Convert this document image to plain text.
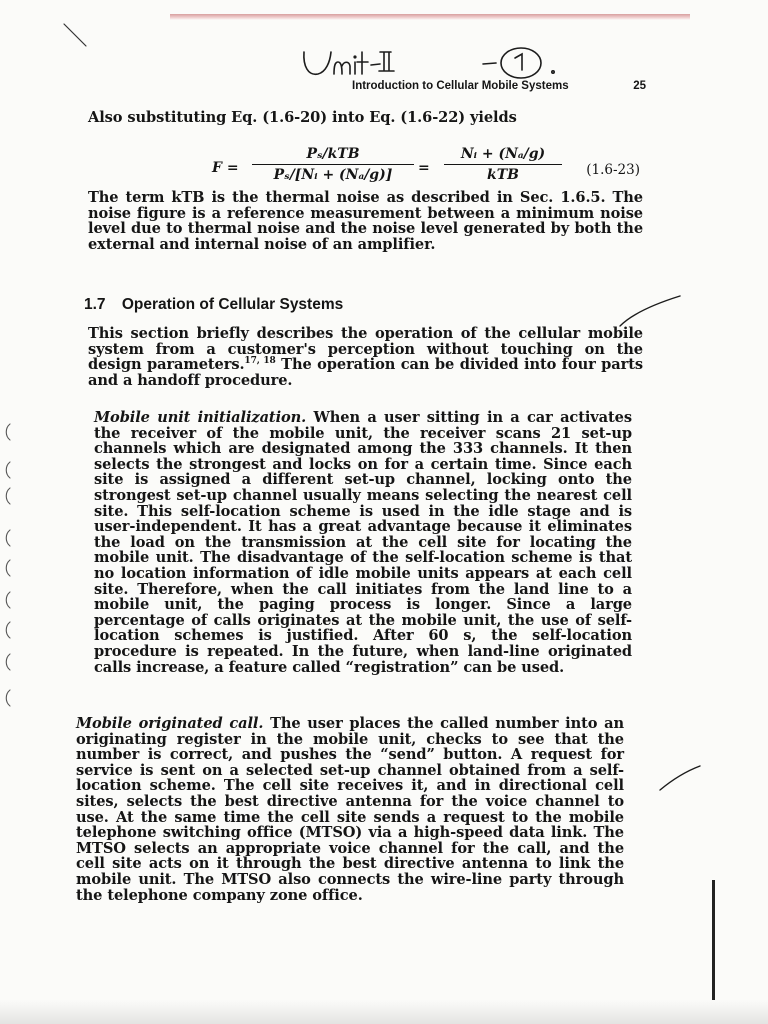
Introduction to Cellular Mobile Systems	25
Also substituting Eq. (1.6-20) into Eq. (1.6-22) yields
F =
Pₛ/kTB
Pₛ/[Nᵢ + (Nₐ/g)]	=
Nᵢ + (Nₐ/g)
kTB	(1.6-23)
The term kTB is the thermal noise as described in Sec. 1.6.5. The noise figure is a reference measurement between a minimum noise level due to thermal noise and the noise level generated by both the external and internal noise of an amplifier.
1.7 Operation of Cellular Systems
This section briefly describes the operation of the cellular mobile system from a customer's perception without touching on the design parameters.$^{17, 18}$ The operation can be divided into four parts and a handoff procedure.
Mobile unit initialization. When a user sitting in a car activates the receiver of the mobile unit, the receiver scans 21 set-up channels which are designated among the 333 channels. It then selects the strongest and locks on for a certain time. Since each site is assigned a different set-up channel, locking onto the strongest set-up channel usually means selecting the nearest cell site. This self-location scheme is used in the idle stage and is user-independent. It has a great advantage because it eliminates the load on the transmission at the cell site for locating the mobile unit. The disadvantage of the self-location scheme is that no location information of idle mobile units appears at each cell site. Therefore, when the call initiates from the land line to a mobile unit, the paging process is longer. Since a large percentage of calls originates at the mobile unit, the use of self-location schemes is justified. After 60 s, the self-location procedure is repeated. In the future, when land-line originated calls increase, a feature called “registration” can be used.
Mobile originated call. The user places the called number into an originating register in the mobile unit, checks to see that the number is correct, and pushes the “send” button. A request for service is sent on a selected set-up channel obtained from a self-location scheme. The cell site receives it, and in directional cell sites, selects the best directive antenna for the voice channel to use. At the same time the cell site sends a request to the mobile telephone switching office (MTSO) via a high-speed data link. The MTSO selects an appropriate voice channel for the call, and the cell site acts on it through the best directive antenna to link the mobile unit. The MTSO also connects the wire-line party through the telephone company zone office.
